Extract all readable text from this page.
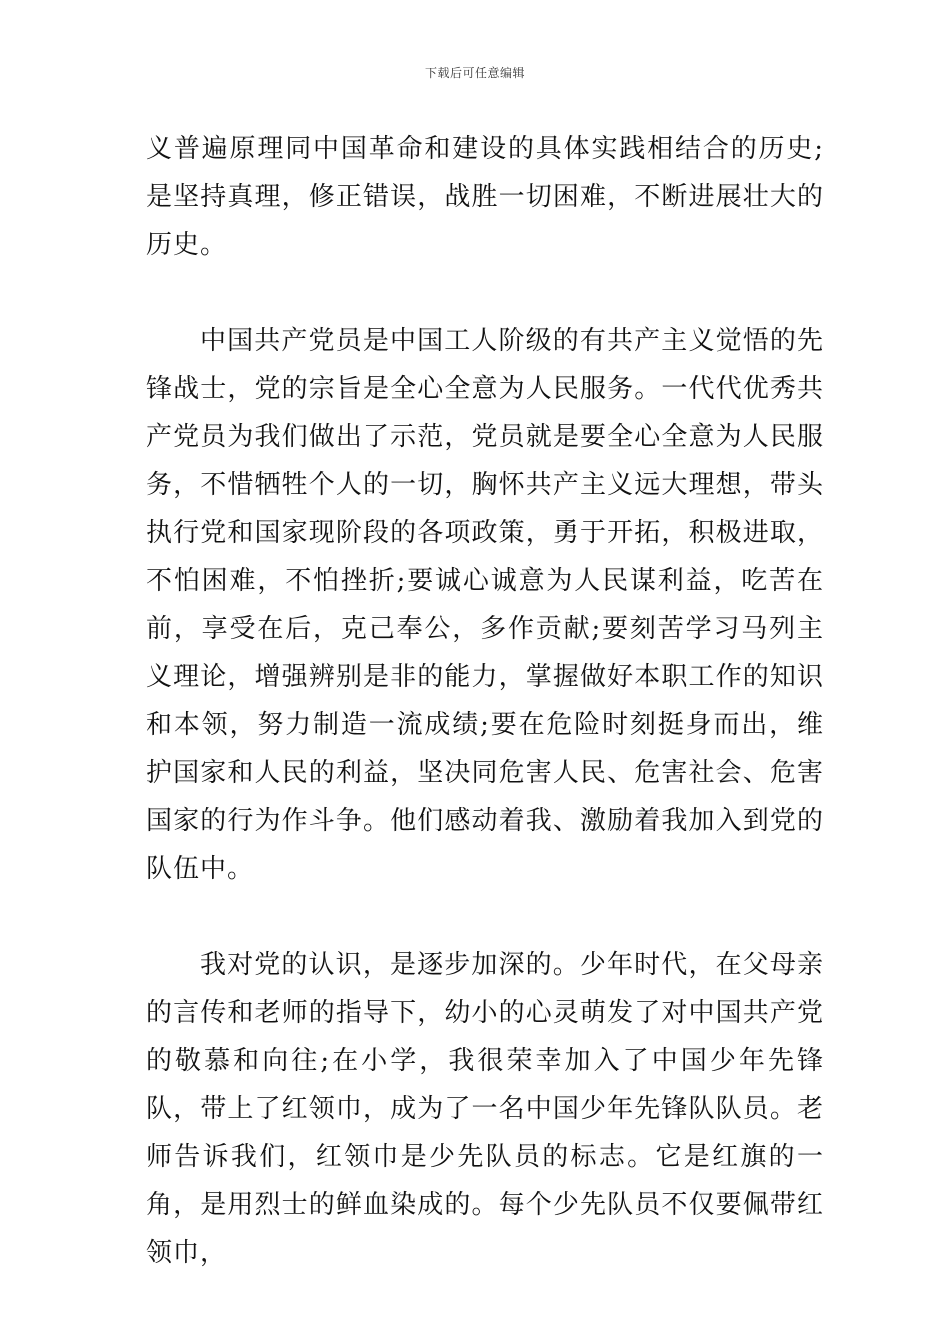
下载后可任意编辑

义普遍原理同中国革命和建设的具体实践相结合的历史;是坚持真理，修正错误，战胜一切困难，不断进展壮大的历史。

中国共产党员是中国工人阶级的有共产主义觉悟的先锋战士，党的宗旨是全心全意为人民服务。一代代优秀共产党员为我们做出了示范，党员就是要全心全意为人民服务，不惜牺牲个人的一切，胸怀共产主义远大理想，带头执行党和国家现阶段的各项政策，勇于开拓，积极进取，不怕困难，不怕挫折;要诚心诚意为人民谋利益，吃苦在前，享受在后，克己奉公，多作贡献;要刻苦学习马列主义理论，增强辨别是非的能力，掌握做好本职工作的知识和本领，努力制造一流成绩;要在危险时刻挺身而出，维护国家和人民的利益，坚决同危害人民、危害社会、危害国家的行为作斗争。他们感动着我、激励着我加入到党的队伍中。

我对党的认识，是逐步加深的。少年时代，在父母亲的言传和老师的指导下，幼小的心灵萌发了对中国共产党的敬慕和向往;在小学，我很荣幸加入了中国少年先锋队，带上了红领巾，成为了一名中国少年先锋队队员。老师告诉我们，红领巾是少先队员的标志。它是红旗的一角，是用烈士的鲜血染成的。每个少先队员不仅要佩带红领巾，
